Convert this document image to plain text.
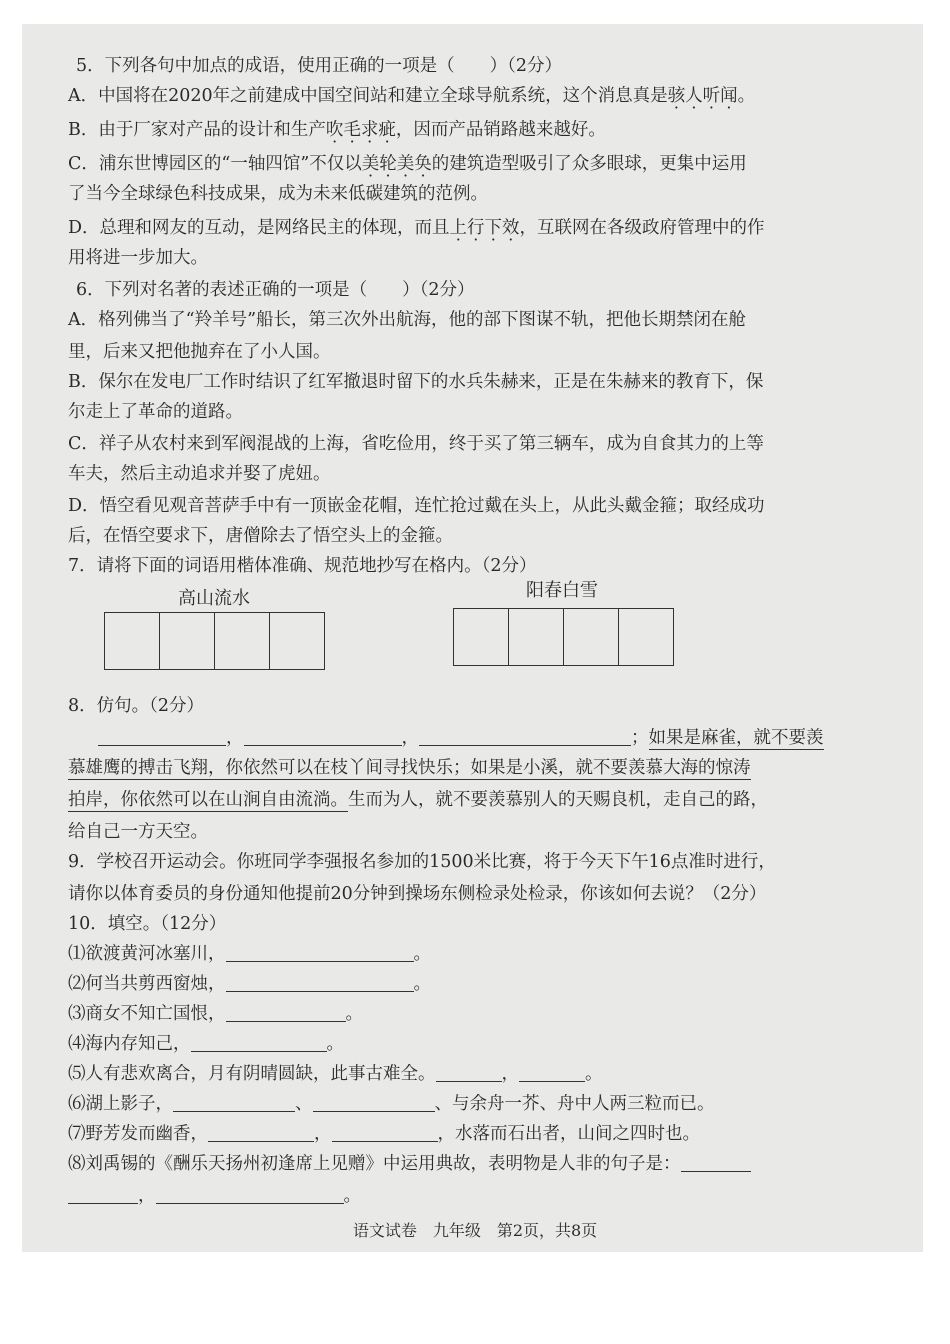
5．下列各句中加点的成语，使用正确的一项是（　　）（2分）
A．中国将在2020年之前建成中国空间站和建立全球导航系统，这个消息真是骇人听闻。
B．由于厂家对产品的设计和生产吹毛求疵，因而产品销路越来越好。
C．浦东世博园区的“一轴四馆”不仅以美轮美奂的建筑造型吸引了众多眼球，更集中运用
了当今全球绿色科技成果，成为未来低碳建筑的范例。
D．总理和网友的互动，是网络民主的体现，而且上行下效，互联网在各级政府管理中的作
用将进一步加大。
6．下列对名著的表述正确的一项是（　　）（2分）
A．格列佛当了“羚羊号”船长，第三次外出航海，他的部下图谋不轨，把他长期禁闭在舱
里，后来又把他抛弃在了小人国。
B．保尔在发电厂工作时结识了红军撤退时留下的水兵朱赫来，正是在朱赫来的教育下，保
尔走上了革命的道路。
C．祥子从农村来到军阀混战的上海，省吃俭用，终于买了第三辆车，成为自食其力的上等
车夫，然后主动追求并娶了虎妞。
D．悟空看见观音菩萨手中有一顶嵌金花帽，连忙抢过戴在头上，从此头戴金箍；取经成功
后，在悟空要求下，唐僧除去了悟空头上的金箍。
7．请将下面的词语用楷体准确、规范地抄写在格内。（2分）
高山流水	阳春白雪
8．仿句。（2分）
，	，	；如果是麻雀，就不要羡
慕雄鹰的搏击飞翔，你依然可以在枝丫间寻找快乐；如果是小溪，就不要羡慕大海的惊涛
拍岸，你依然可以在山涧自由流淌。生而为人，就不要羡慕别人的天赐良机，走自己的路，
给自己一方天空。
9．学校召开运动会。你班同学李强报名参加的1500米比赛，将于今天下午16点准时进行，
请你以体育委员的身份通知他提前20分钟到操场东侧检录处检录，你该如何去说？（2分）
10．填空。（12分）
⑴欲渡黄河冰塞川，	。
⑵何当共剪西窗烛，	。
⑶商女不知亡国恨，	。
⑷海内存知己，	。
⑸人有悲欢离合，月有阴晴圆缺，此事古难全。	，	。
⑹湖上影子，	、	、与余舟一芥、舟中人两三粒而已。
⑺野芳发而幽香，	，	，水落而石出者，山间之四时也。
⑻刘禹锡的《酬乐天扬州初逢席上见赠》中运用典故，表明物是人非的句子是：
，	。
语文试卷　九年级　第2页，共8页
